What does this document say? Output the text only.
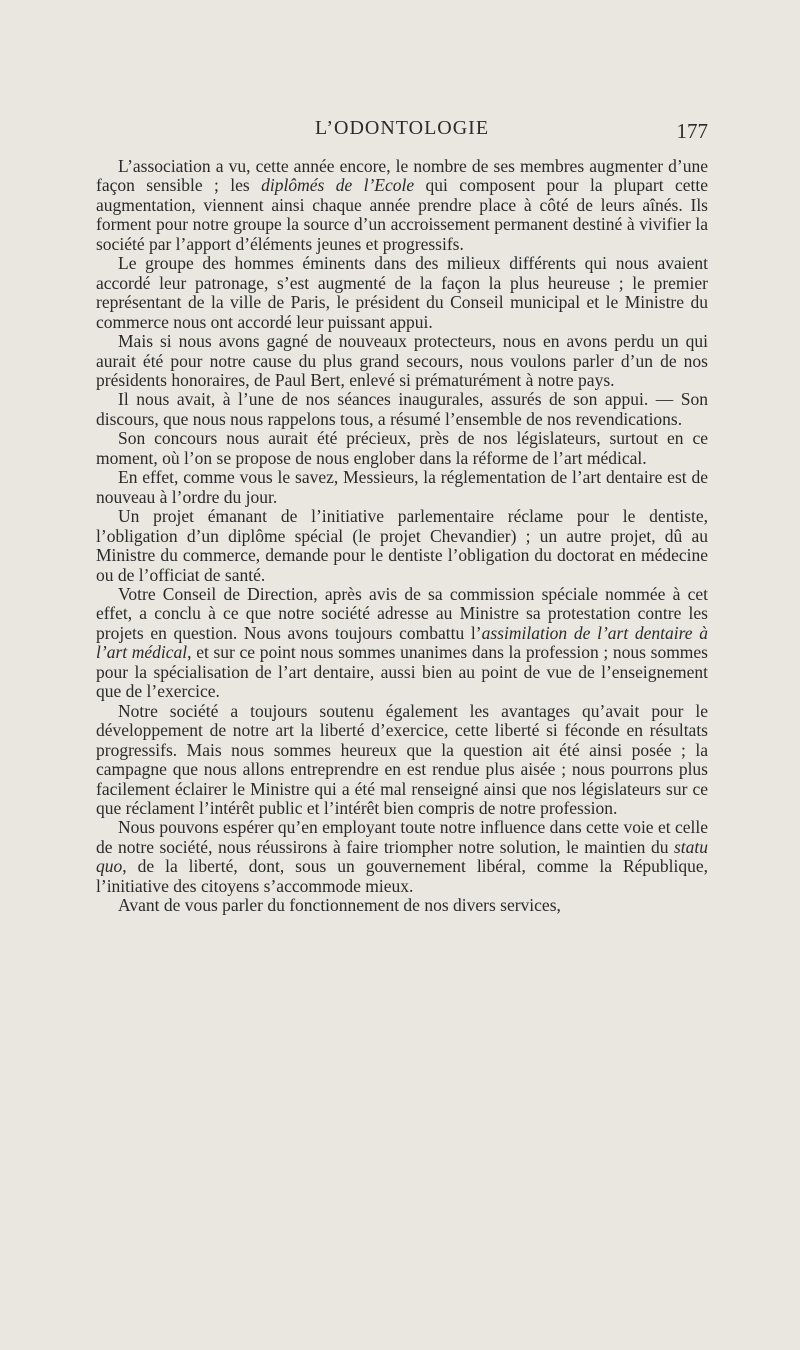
L’ODONTOLOGIE	177

L’association a vu, cette année encore, le nombre de ses membres augmenter d’une façon sensible ; les diplômés de l’Ecole qui composent pour la plupart cette augmentation, viennent ainsi chaque année prendre place à côté de leurs aînés. Ils forment pour notre groupe la source d’un accroissement permanent destiné à vivifier la société par l’apport d’éléments jeunes et progressifs.

Le groupe des hommes éminents dans des milieux différents qui nous avaient accordé leur patronage, s’est augmenté de la façon la plus heureuse ; le premier représentant de la ville de Paris, le président du Conseil municipal et le Ministre du commerce nous ont accordé leur puissant appui.

Mais si nous avons gagné de nouveaux protecteurs, nous en avons perdu un qui aurait été pour notre cause du plus grand secours, nous voulons parler d’un de nos présidents honoraires, de Paul Bert, enlevé si prématurément à notre pays.

Il nous avait, à l’une de nos séances inaugurales, assurés de son appui. — Son discours, que nous nous rappelons tous, a résumé l’ensemble de nos revendications.

Son concours nous aurait été précieux, près de nos législateurs, surtout en ce moment, où l’on se propose de nous englober dans la réforme de l’art médical.

En effet, comme vous le savez, Messieurs, la réglementation de l’art dentaire est de nouveau à l’ordre du jour.

Un projet émanant de l’initiative parlementaire réclame pour le dentiste, l’obligation d’un diplôme spécial (le projet Chevandier) ; un autre projet, dû au Ministre du commerce, demande pour le dentiste l’obligation du doctorat en médecine ou de l’officiat de santé.

Votre Conseil de Direction, après avis de sa commission spéciale nommée à cet effet, a conclu à ce que notre société adresse au Ministre sa protestation contre les projets en question. Nous avons toujours combattu l’assimilation de l’art dentaire à l’art médical, et sur ce point nous sommes unanimes dans la profession ; nous sommes pour la spécialisation de l’art dentaire, aussi bien au point de vue de l’enseignement que de l’exercice.

Notre société a toujours soutenu également les avantages qu’avait pour le développement de notre art la liberté d’exercice, cette liberté si féconde en résultats progressifs. Mais nous sommes heureux que la question ait été ainsi posée ; la campagne que nous allons entreprendre en est rendue plus aisée ; nous pourrons plus facilement éclairer le Ministre qui a été mal renseigné ainsi que nos législateurs sur ce que réclament l’intérêt public et l’intérêt bien compris de notre profession.

Nous pouvons espérer qu’en employant toute notre influence dans cette voie et celle de notre société, nous réussirons à faire triompher notre solution, le maintien du statu quo, de la liberté, dont, sous un gouvernement libéral, comme la République, l’initiative des citoyens s’accommode mieux.

Avant de vous parler du fonctionnement de nos divers services,
